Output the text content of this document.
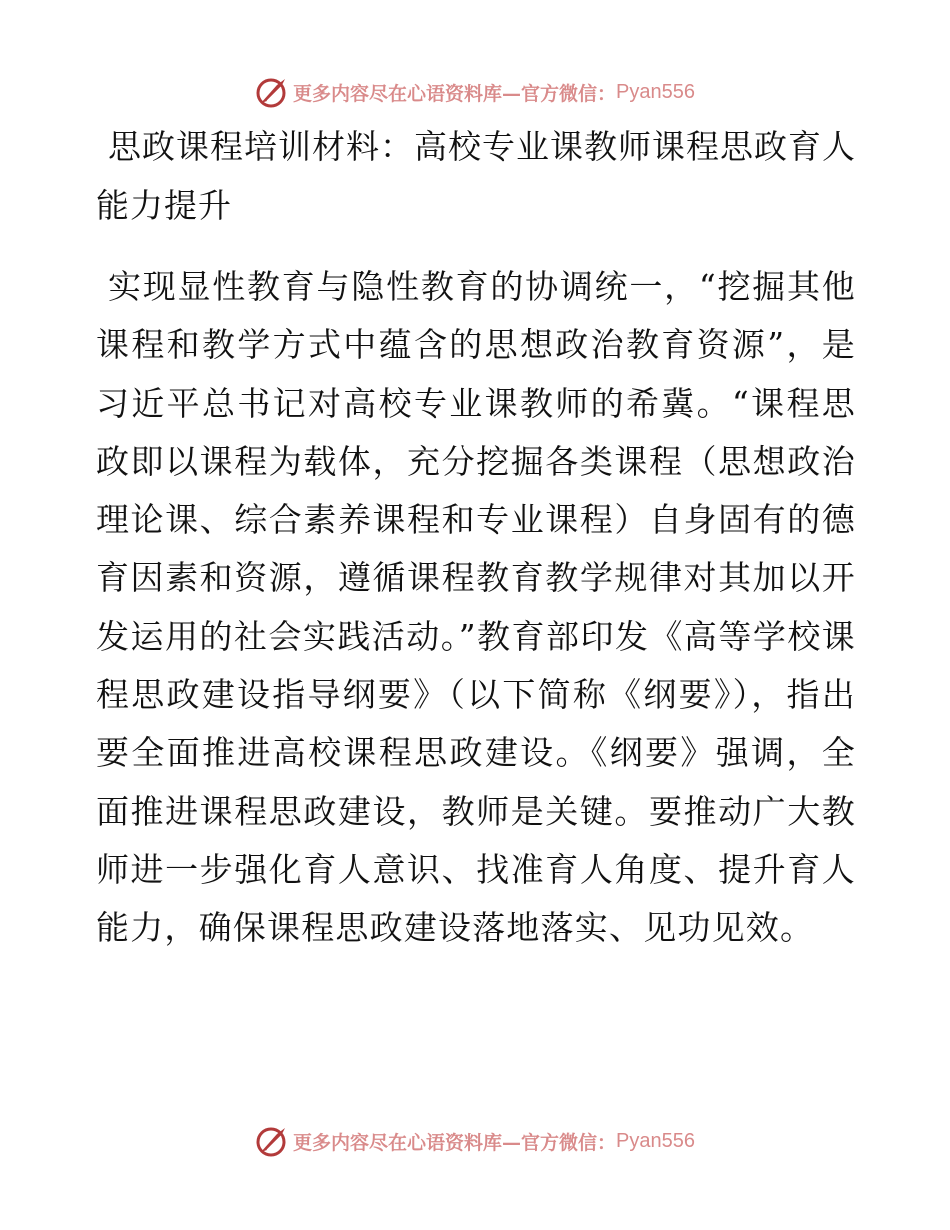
更多内容尽在心语资料库—官方微信： Pyan556
思政课程培训材料：高校专业课教师课程思政育人能力提升

实现显性教育与隐性教育的协调统一，“挖掘其他课程和教学方式中蕴含的思想政治教育资源”，是习近平总书记对高校专业课教师的希冀。“课程思政即以课程为载体，充分挖掘各类课程（思想政治理论课、综合素养课程和专业课程）自身固有的德育因素和资源，遵循课程教育教学规律对其加以开发运用的社会实践活动。”教育部印发《高等学校课程思政建设指导纲要》（以下简称《纲要》），指出要全面推进高校课程思政建设。《纲要》强调，全面推进课程思政建设，教师是关键。要推动广大教师进一步强化育人意识、找准育人角度、提升育人能力，确保课程思政建设落地落实、见功见效。

更多内容尽在心语资料库—官方微信： Pyan556
